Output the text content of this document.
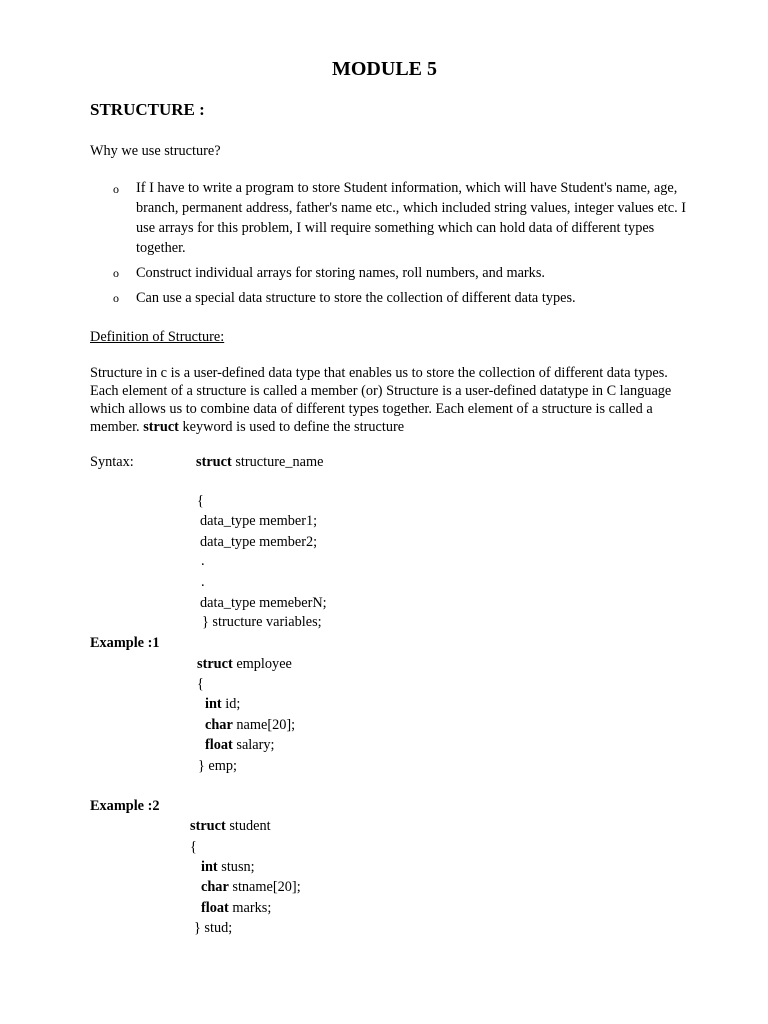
MODULE 5
STRUCTURE :
Why we use structure?
o If I have to write a program to store Student information, which will have Student's name, age, branch, permanent address, father's name etc., which included string values, integer values etc. I use arrays for this problem, I will require something which can hold data of different types together.
o Construct individual arrays for storing names, roll numbers, and marks.
o Can use a special data structure to store the collection of different data types.
Definition of Structure:
Structure in c is a user-defined data type that enables us to store the collection of different data types. Each element of a structure is called a member (or) Structure is a user-defined datatype in C language which allows us to combine data of different types together. Each element of a structure is called a member. struct keyword is used to define the structure
Syntax:	struct structure_name
{
data_type member1;
data_type member2;
.
.
data_type memeberN;
} structure variables;
Example :1
struct employee
{
int id;
char name[20];
float salary;
} emp;
Example :2
struct student
{
int stusn;
char stname[20];
float marks;
} stud;
